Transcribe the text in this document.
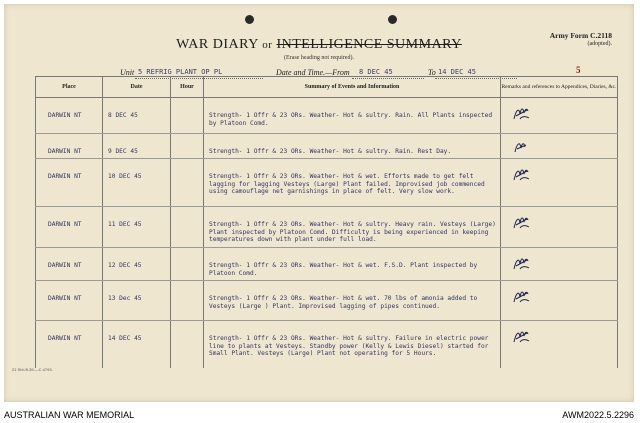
WAR DIARY or INTELLIGENCE SUMMARY
(Erase heading not required).
Army Form C.2118
(adopted).
Unit 5 REFRIG PLANT OP PL	Date and Time.—From 8 DEC 45	To 14 DEC 45	5
Place	Date	Hour	Summary of Events and Information	Remarks and references to Appendices, Diaries, &c.
DARWIN NT	8 DEC 45		Strength- 1 Offr & 23 ORs. Weather- Hot & sultry. Rain. All Plants inspected by Platoon Comd.	

DARWIN NT	9 DEC 45		Strength- 1 Offr & 23 ORs. Weather- Hot & sultry. Rain. Rest Day.	

DARWIN NT	10 DEC 45		Strength- 1 Offr & 23 ORs. Weather- Hot & wet. Efforts made to get felt lagging for lagging Vesteys (Large) Plant failed. Improvised job commenced using camouflage net garnishings in place of felt. Very slow work.	

DARWIN NT	11 DEC 45		Strength- 1 Offr & 23 ORs. Weather- Hot & sultry. Heavy rain. Vesteys (Large) Plant inspected by Platoon Comd. Difficulty is being experienced in keeping temperatures down with plant under full load.	

DARWIN NT	12 DEC 45		Strength- 1 Offr & 23 ORs. Weather- Hot & wet. F.S.D. Plant inspected by Platoon Comd.	

DARWIN NT	13 Dec 45		Strength- 1 Offr & 23 ORs. Weather- Hot & wet. 70 lbs of amonia added to Vesteys (Large ) Plant. Improvised lagging of pipes continued.	

DARWIN NT	14 DEC 45		Strength- 1 Offr & 23 ORs. Weather- Hot & sultry. Failure in electric power line to plants at Vesteys. Standby power (Kelly & Lewis Diesel) started for Small Plant. Vesteys (Large) Plant not operating for 5 Hours.	
21 Sht./5.39.—C.4793.
AUSTRALIAN WAR MEMORIAL	AWM2022.5.2296
